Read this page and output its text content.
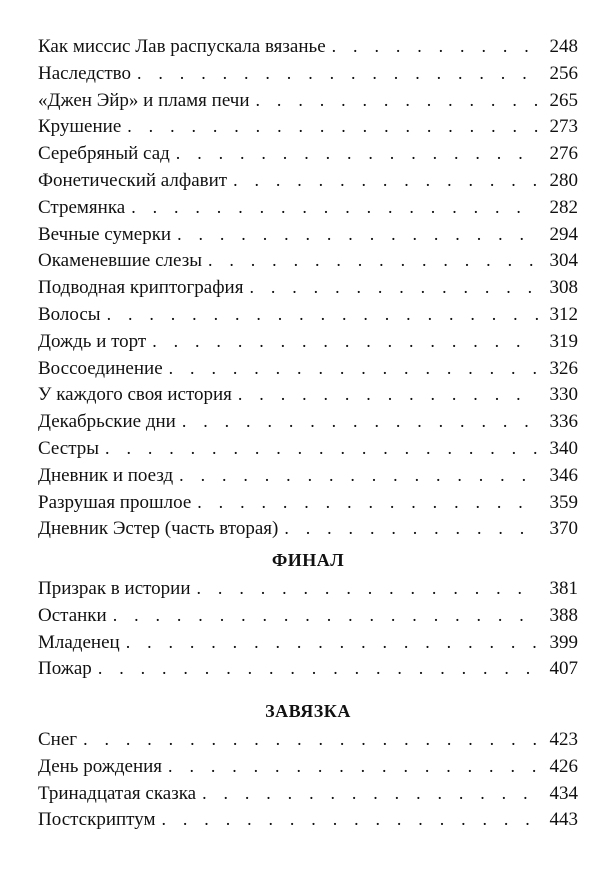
Как миссис Лав распускала вязанье . . .	248
Наследство . . .	256
«Джен Эйр» и пламя печи . . .	265
Крушение . . .	273
Серебряный сад . . .	276
Фонетический алфавит . . .	280
Стремянка . . .	282
Вечные сумерки . . .	294
Окаменевшие слезы . . .	304
Подводная криптография . . .	308
Волосы . . .	312
Дождь и торт . . .	319
Воссоединение . . .	326
У каждого своя история . . .	330
Декабрьские дни . . .	336
Сестры . . .	340
Дневник и поезд . . .	346
Разрушая прошлое . . .	359
Дневник Эстер (часть вторая) . . .	370
ФИНАЛ
Призрак в истории . . .	381
Останки . . .	388
Младенец . . .	399
Пожар . . .	407
ЗАВЯЗКА
Снег . . .	423
День рождения . . .	426
Тринадцатая сказка . . .	434
Постскриптум . . .	443
